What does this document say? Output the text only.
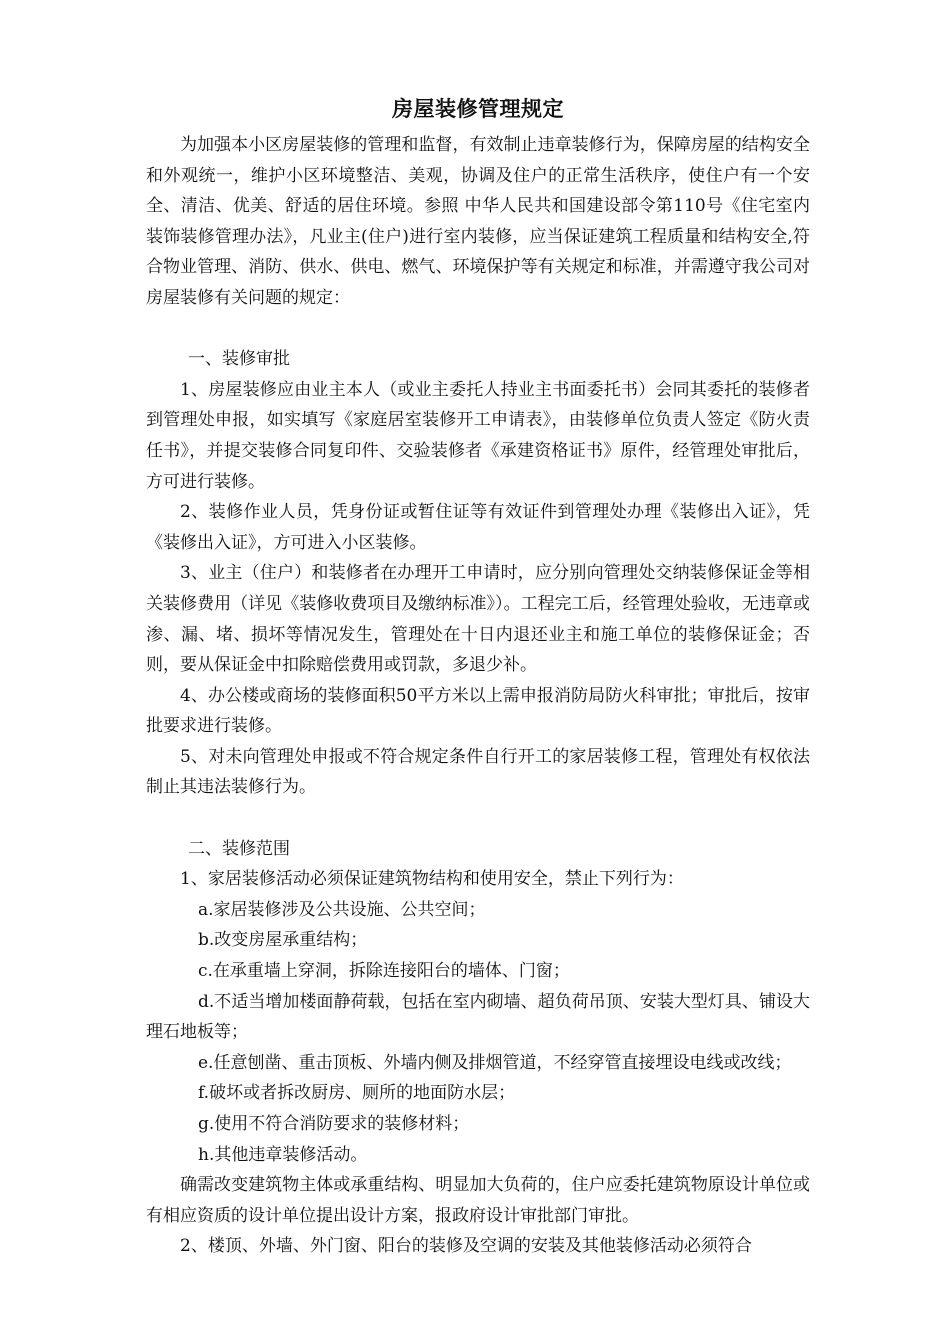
房屋装修管理规定

为加强本小区房屋装修的管理和监督，有效制止违章装修行为，保障房屋的结构安全和外观统一，维护小区环境整洁、美观，协调及住户的正常生活秩序，使住户有一个安全、清洁、优美、舒适的居住环境。参照 中华人民共和国建设部令第110号《住宅室内装饰装修管理办法》，凡业主(住户)进行室内装修，应当保证建筑工程质量和结构安全,符合物业管理、消防、供水、供电、燃气、环境保护等有关规定和标准，并需遵守我公司对房屋装修有关问题的规定：

一、装修审批

1、房屋装修应由业主本人（或业主委托人持业主书面委托书）会同其委托的装修者到管理处申报，如实填写《家庭居室装修开工申请表》，由装修单位负责人签定《防火责任书》，并提交装修合同复印件、交验装修者《承建资格证书》原件，经管理处审批后，方可进行装修。

2、装修作业人员，凭身份证或暂住证等有效证件到管理处办理《装修出入证》，凭《装修出入证》，方可进入小区装修。

3、业主（住户）和装修者在办理开工申请时，应分别向管理处交纳装修保证金等相关装修费用（详见《装修收费项目及缴纳标准》）。工程完工后，经管理处验收，无违章或渗、漏、堵、损坏等情况发生，管理处在十日内退还业主和施工单位的装修保证金；否则，要从保证金中扣除赔偿费用或罚款，多退少补。

4、办公楼或商场的装修面积50平方米以上需申报消防局防火科审批；审批后，按审批要求进行装修。

5、对未向管理处申报或不符合规定条件自行开工的家居装修工程，管理处有权依法制止其违法装修行为。

二、装修范围

1、家居装修活动必须保证建筑物结构和使用安全，禁止下列行为：

a.家居装修涉及公共设施、公共空间；

b.改变房屋承重结构；

c.在承重墙上穿洞，拆除连接阳台的墙体、门窗；

d.不适当增加楼面静荷载，包括在室内砌墙、超负荷吊顶、安装大型灯具、铺设大理石地板等；

e.任意刨凿、重击顶板、外墙内侧及排烟管道，不经穿管直接埋设电线或改线；

f.破坏或者拆改厨房、厕所的地面防水层；

g.使用不符合消防要求的装修材料；

h.其他违章装修活动。

确需改变建筑物主体或承重结构、明显加大负荷的，住户应委托建筑物原设计单位或有相应资质的设计单位提出设计方案，报政府设计审批部门审批。

2、楼顶、外墙、外门窗、阳台的装修及空调的安装及其他装修活动必须符合
